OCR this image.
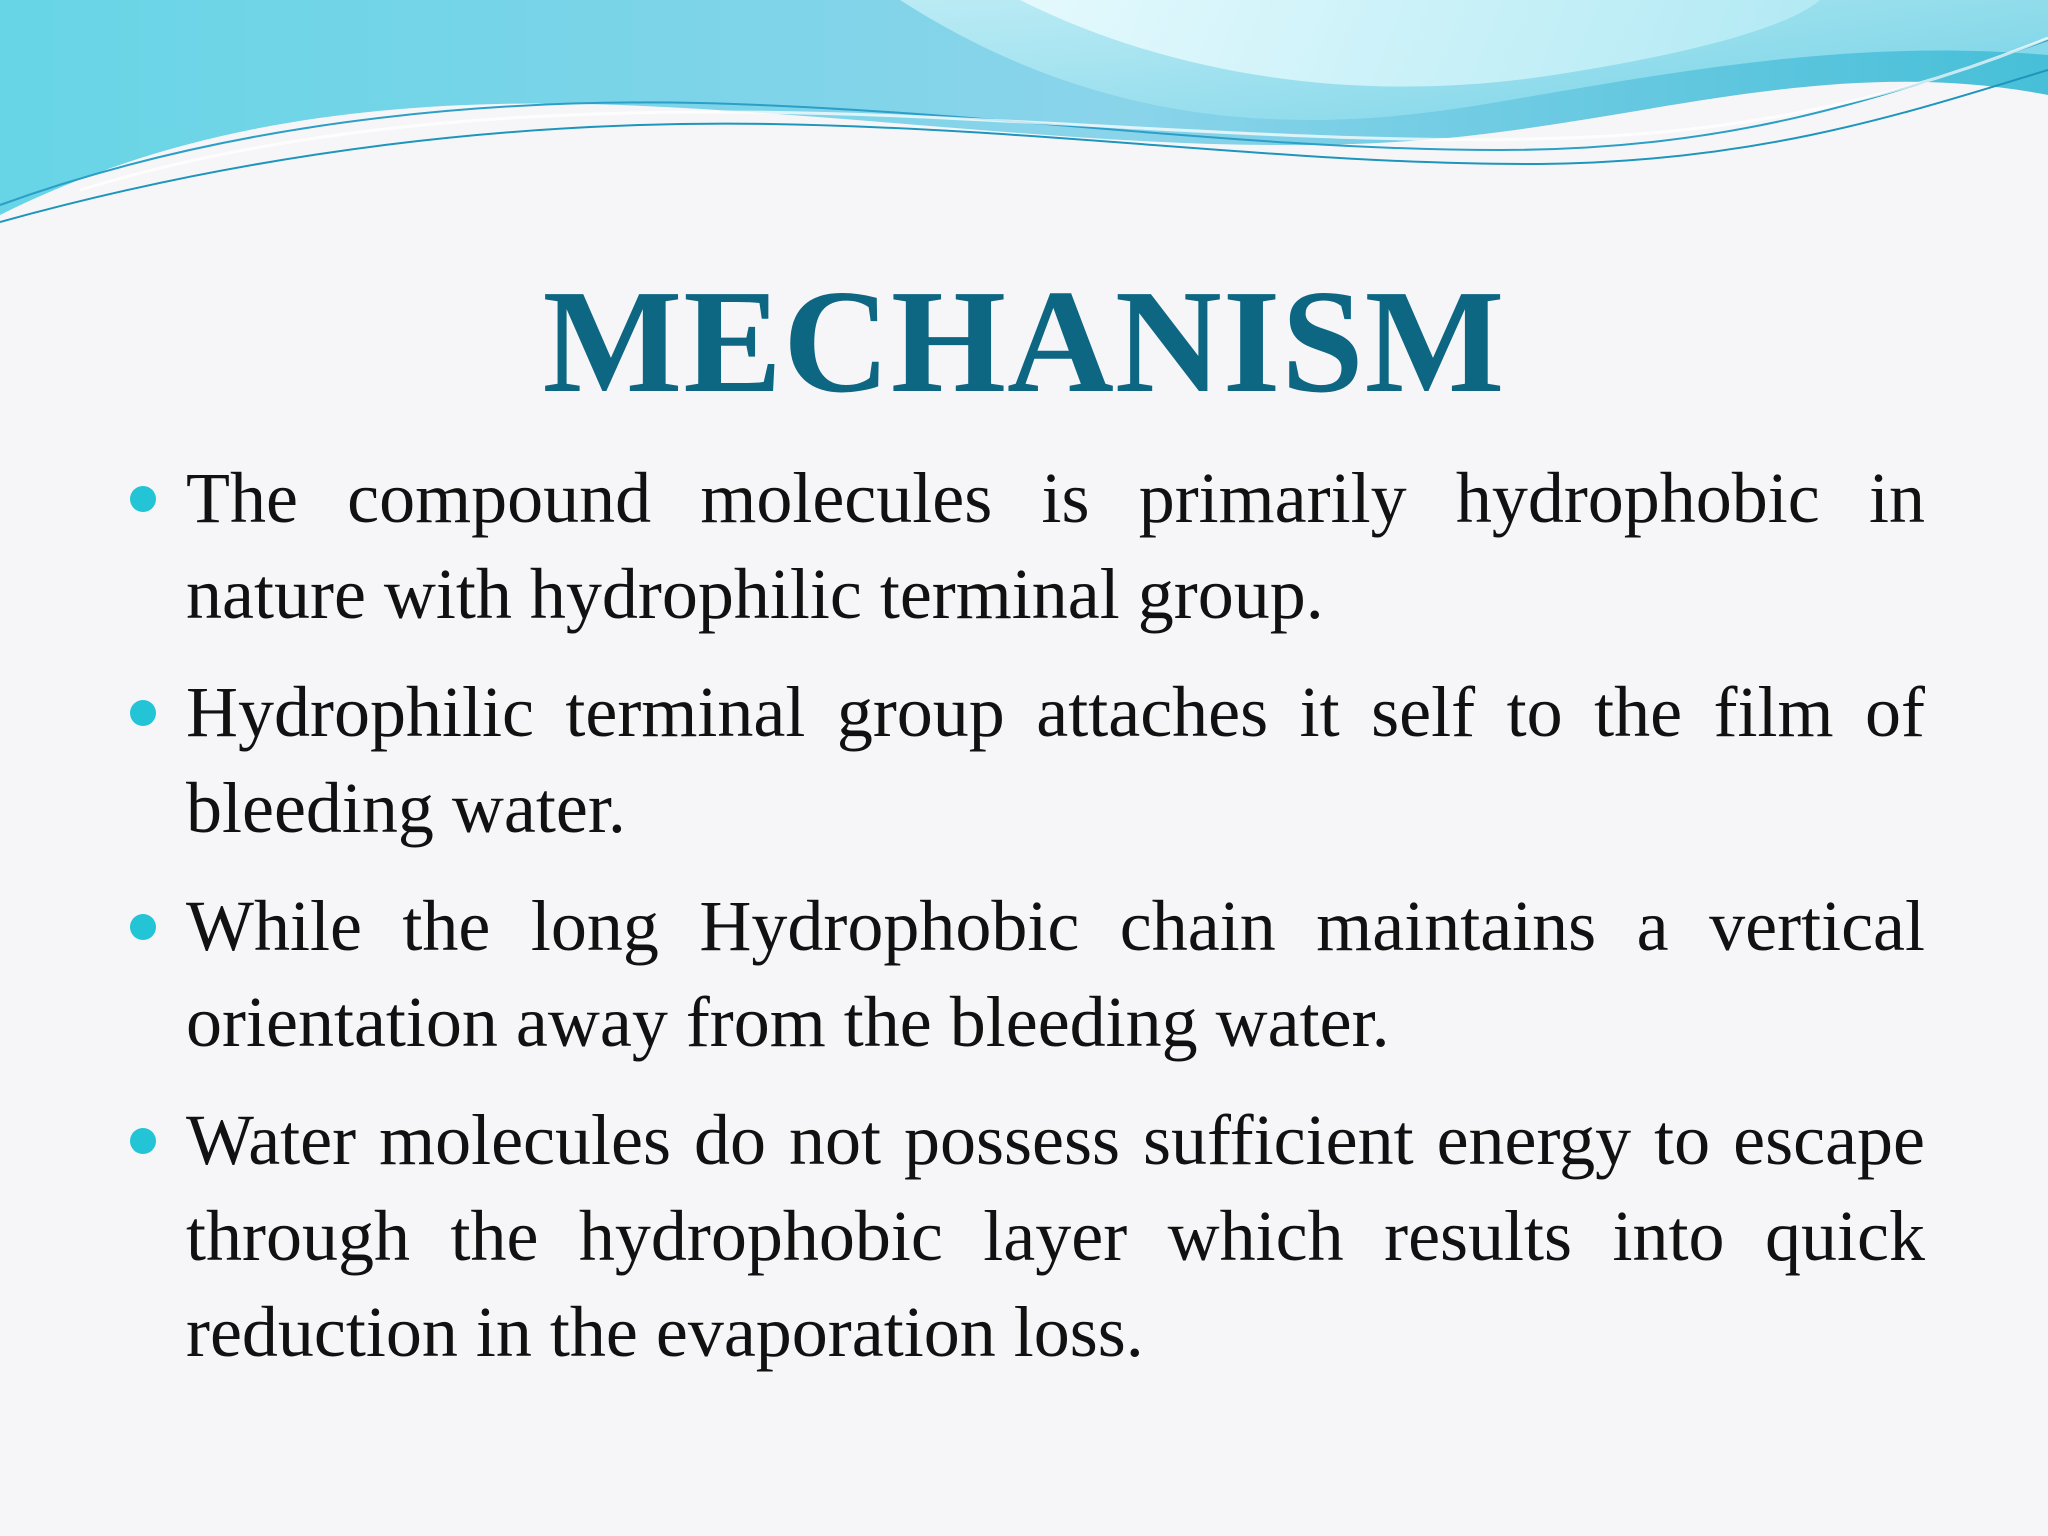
MECHANISM
The compound molecules is primarily hydrophobic in nature with hydrophilic terminal group.
Hydrophilic terminal group attaches it self to the film of bleeding water.
While the long Hydrophobic chain maintains a vertical orientation away from the bleeding water.
Water molecules do not possess sufficient energy to escape through the hydrophobic layer which results into quick reduction in the evaporation loss.
